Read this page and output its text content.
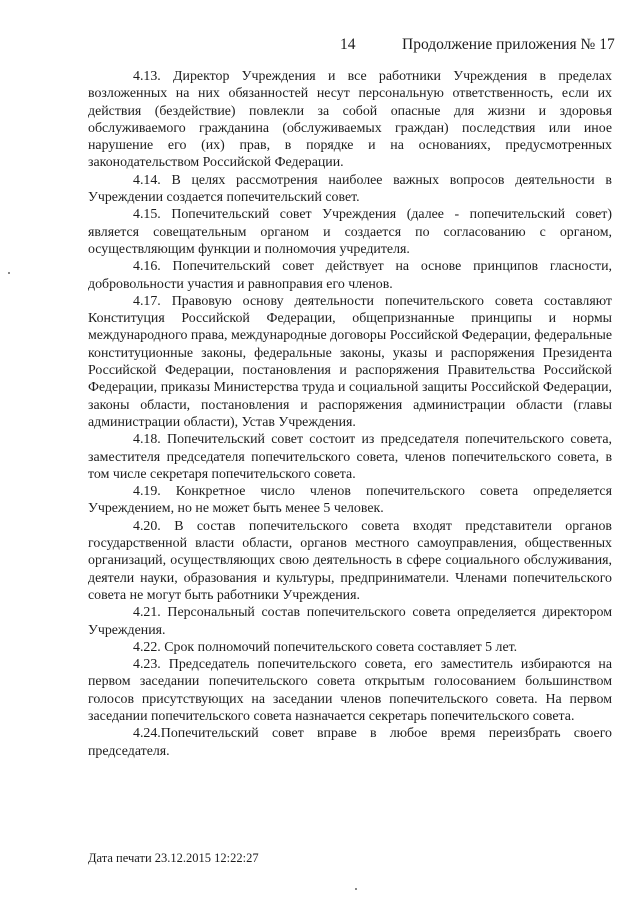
14	Продолжение приложения № 17

4.13. Директор Учреждения и все работники Учреждения в пределах возложенных на них обязанностей несут персональную ответственность, если их действия (бездействие) повлекли за собой опасные для жизни и здоровья обслуживаемого гражданина (обслуживаемых граждан) последствия или иное нарушение его (их) прав, в порядке и на основаниях, предусмотренных законодательством Российской Федерации.

4.14. В целях рассмотрения наиболее важных вопросов деятельности в Учреждении создается попечительский совет.

4.15. Попечительский совет Учреждения (далее - попечительский совет) является совещательным органом и создается по согласованию с органом, осуществляющим функции и полномочия учредителя.

4.16. Попечительский совет действует на основе принципов гласности, добровольности участия и равноправия его членов.

4.17. Правовую основу деятельности попечительского совета составляют Конституция Российской Федерации, общепризнанные принципы и нормы международного права, международные договоры Российской Федерации, федеральные конституционные законы, федеральные законы, указы и распоряжения Президента Российской Федерации, постановления и распоряжения Правительства Российской Федерации, приказы Министерства труда и социальной защиты Российской Федерации, законы области, постановления и распоряжения администрации области (главы администрации области), Устав Учреждения.

4.18. Попечительский совет состоит из председателя попечительского совета, заместителя председателя попечительского совета, членов попечительского совета, в том числе секретаря попечительского совета.

4.19. Конкретное число членов попечительского совета определяется Учреждением, но не может быть менее 5 человек.

4.20. В состав попечительского совета входят представители органов государственной власти области, органов местного самоуправления, общественных организаций, осуществляющих свою деятельность в сфере социального обслуживания, деятели науки, образования и культуры, предприниматели. Членами попечительского совета не могут быть работники Учреждения.

4.21. Персональный состав попечительского совета определяется директором Учреждения.

4.22. Срок полномочий попечительского совета составляет 5 лет.

4.23. Председатель попечительского совета, его заместитель избираются на первом заседании попечительского совета открытым голосованием большинством голосов присутствующих на заседании членов попечительского совета. На первом заседании попечительского совета назначается секретарь попечительского совета.

4.24.Попечительский совет вправе в любое время переизбрать своего председателя.

Дата печати 23.12.2015 12:22:27
